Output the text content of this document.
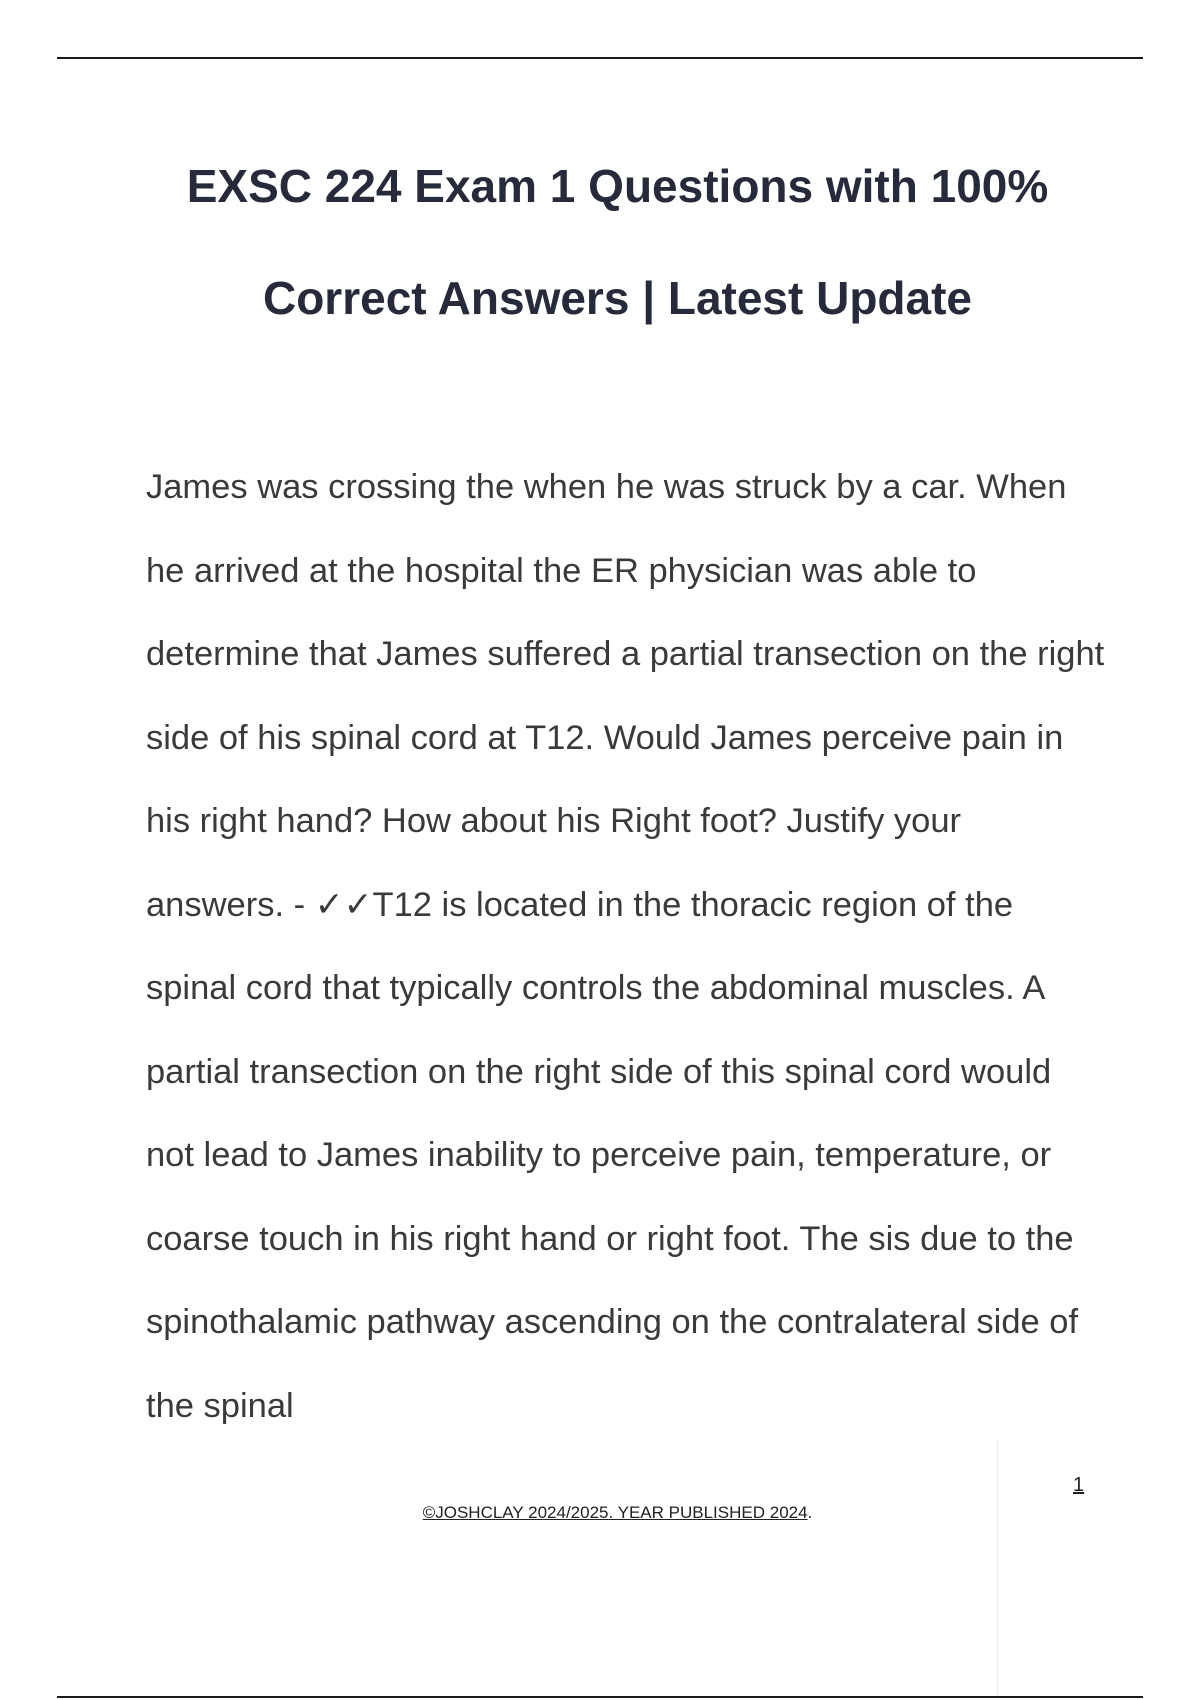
EXSC 224 Exam 1 Questions with 100% Correct Answers | Latest Update

James was crossing the when he was struck by a car. When he arrived at the hospital the ER physician was able to determine that James suffered a partial transection on the right side of his spinal cord at T12. Would James perceive pain in his right hand? How about his Right foot? Justify your answers. - ✓✓T12 is located in the thoracic region of the spinal cord that typically controls the abdominal muscles. A partial transection on the right side of this spinal cord would not lead to James inability to perceive pain, temperature, or coarse touch in his right hand or right foot. The sis due to the spinothalamic pathway ascending on the contralateral side of the spinal

1
©JOSHCLAY 2024/2025. YEAR PUBLISHED 2024.
